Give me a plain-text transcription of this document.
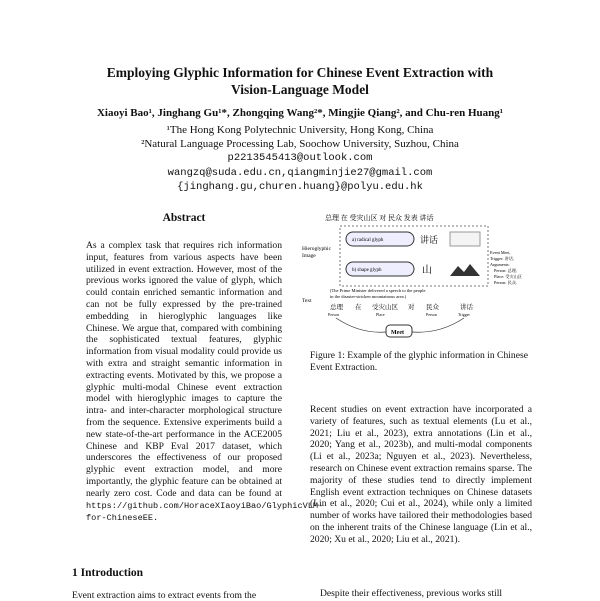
Employing Glyphic Information for Chinese Event Extraction with
Vision-Language Model
Xiaoyi Bao¹, Jinghang Gu¹*, Zhongqing Wang²*, Mingjie Qiang², and Chu-ren Huang¹
¹The Hong Kong Polytechnic University, Hong Kong, China
²Natural Language Processing Lab, Soochow University, Suzhou, China
p2213545413@outlook.com
wangzq@suda.edu.cn,qiangminjie27@gmail.com
{jinghang.gu,churen.huang}@polyu.edu.hk
Abstract
As a complex task that requires rich information input, features from various aspects have been utilized in event extraction. However, most of the previous works ignored the value of glyph, which could contain enriched semantic information and can not be fully expressed by the pre-trained embedding in hieroglyphic languages like Chinese. We argue that, compared with combining the sophisticated textual features, glyphic information from visual modality could provide us with extra and straight semantic information in extracting events. Motivated by this, we propose a glyphic multi-modal Chinese event extraction model with hieroglyphic images to capture the intra- and inter-character morphological structure from the sequence. Extensive experiments build a new state-of-the-art performance in the ACE2005 Chinese and KBP Eval 2017 dataset, which underscores the effectiveness of our proposed glyphic event extraction model, and more importantly, the glyphic feature can be obtained at nearly zero cost. Code and data can be found at https://github.com/HoraceXIaoyiBao/GlyphicVLM-for-ChineseEE.
1 Introduction
Event extraction aims to extract events from the
总理 在 受灾山区 对 民众 发表 讲话
Hieroglyphic
Image
a) radical glyph	讲话
b) shape glyph	山
Text
(The Prime Minister delivered a speech to the people
in the disaster-stricken mountainous area.)
总理 在 受灾山区 对 民众	讲话
Person	Place	Person	Trigger
Meet
Event Meet,
Trigger: 讲话,
Arguments:
Person: 总理,
Place: 受灾山区
Person: 民众.
Figure 1: Example of the glyphic information in Chinese Event Extraction.
Recent studies on event extraction have incorporated a variety of features, such as textual elements (Lu et al., 2021; Liu et al., 2023), extra annotations (Lin et al., 2020; Yang et al., 2023b), and multi-modal components (Li et al., 2023a; Nguyen et al., 2023). Nevertheless, research on Chinese event extraction remains sparse. The majority of these studies tend to directly implement English event extraction techniques on Chinese datasets (Lin et al., 2020; Cui et al., 2024), while only a limited number of works have tailored their methodologies based on the inherent traits of the Chinese language (Lin et al., 2020; Xu et al., 2020; Liu et al., 2021).
Despite their effectiveness, previous works still
